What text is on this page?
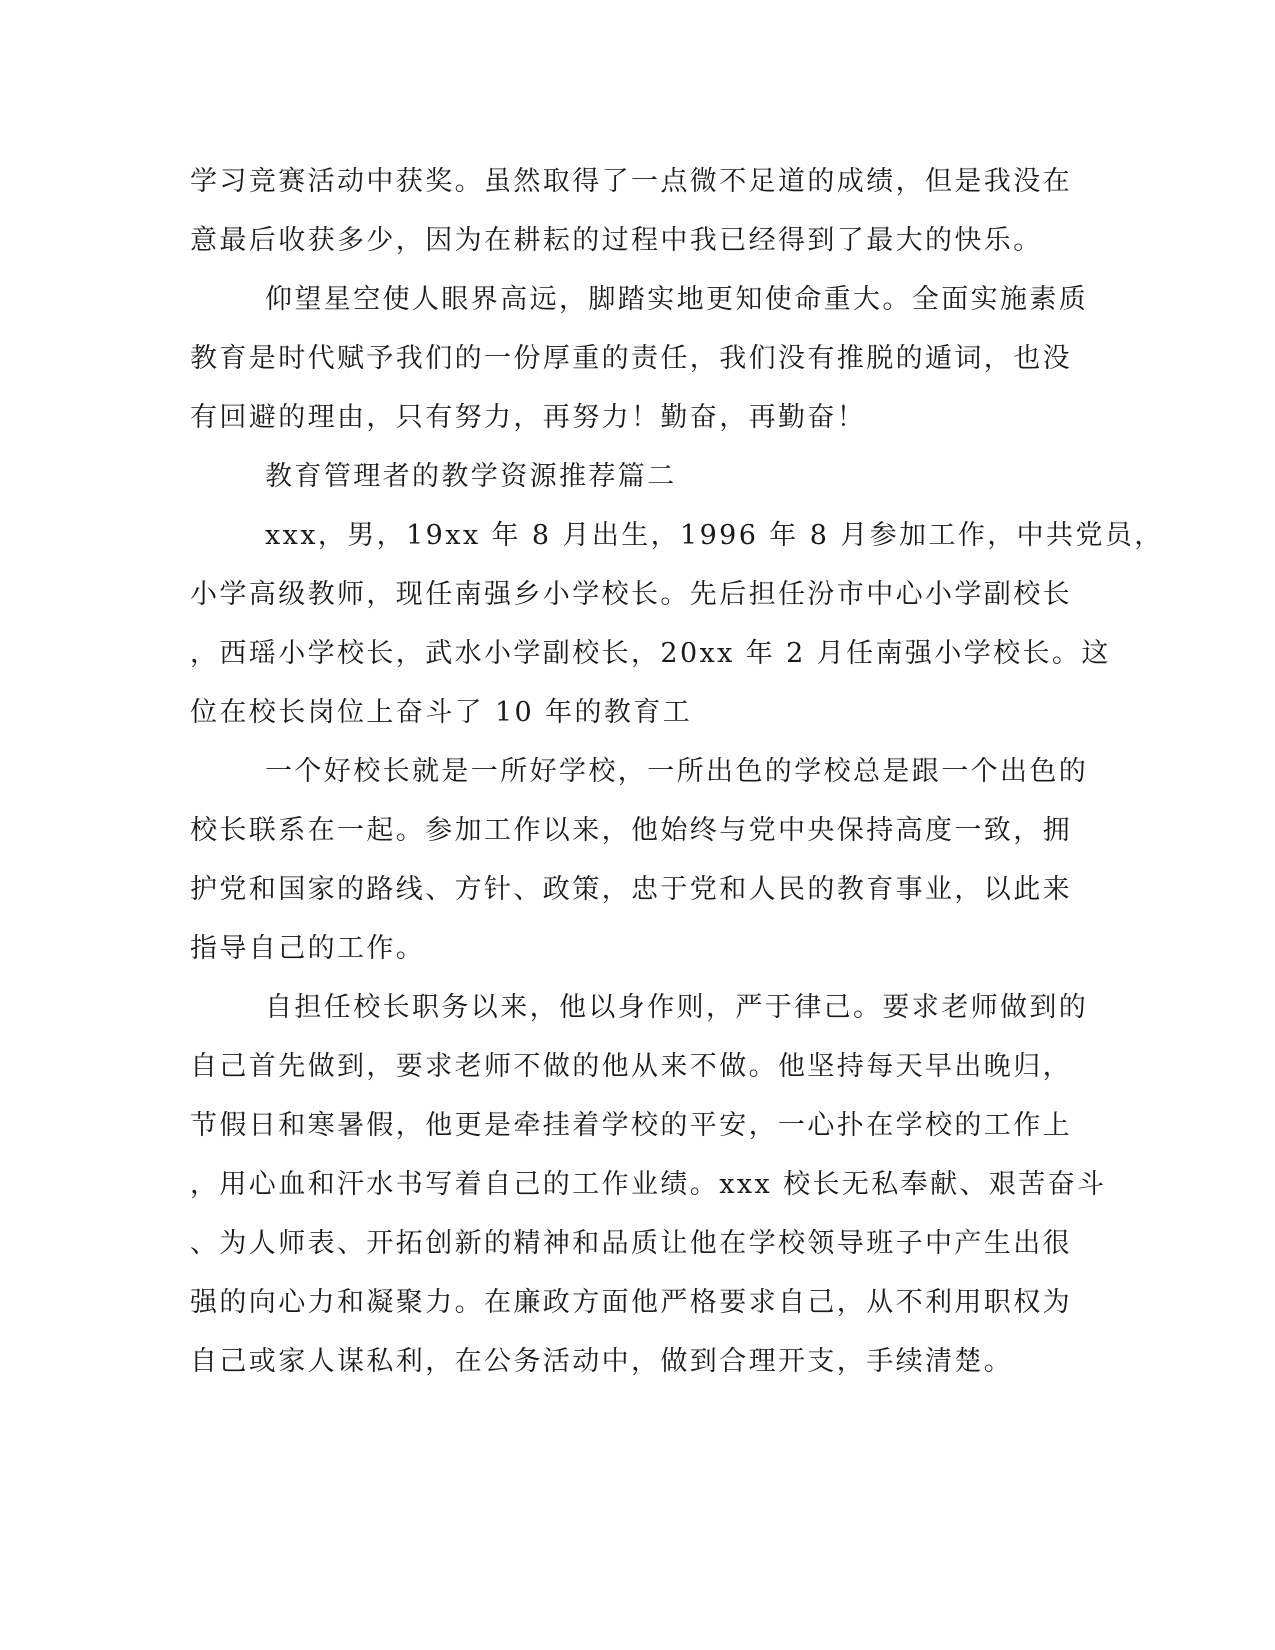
学习竞赛活动中获奖。虽然取得了一点微不足道的成绩，但是我没在
意最后收获多少，因为在耕耘的过程中我已经得到了最大的快乐。
仰望星空使人眼界高远，脚踏实地更知使命重大。全面实施素质
教育是时代赋予我们的一份厚重的责任，我们没有推脱的遁词，也没
有回避的理由，只有努力，再努力！勤奋，再勤奋！
教育管理者的教学资源推荐篇二
xxx，男，19xx 年 8 月出生，1996 年 8 月参加工作，中共党员，
小学高级教师，现任南强乡小学校长。先后担任汾市中心小学副校长
，西瑶小学校长，武水小学副校长，20xx 年 2 月任南强小学校长。这
位在校长岗位上奋斗了 10 年的教育工
一个好校长就是一所好学校，一所出色的学校总是跟一个出色的
校长联系在一起。参加工作以来，他始终与党中央保持高度一致，拥
护党和国家的路线、方针、政策，忠于党和人民的教育事业，以此来
指导自己的工作。
自担任校长职务以来，他以身作则，严于律己。要求老师做到的
自己首先做到，要求老师不做的他从来不做。他坚持每天早出晚归，
节假日和寒暑假，他更是牵挂着学校的平安，一心扑在学校的工作上
，用心血和汗水书写着自己的工作业绩。xxx 校长无私奉献、艰苦奋斗
、为人师表、开拓创新的精神和品质让他在学校领导班子中产生出很
强的向心力和凝聚力。在廉政方面他严格要求自己，从不利用职权为
自己或家人谋私利，在公务活动中，做到合理开支，手续清楚。
